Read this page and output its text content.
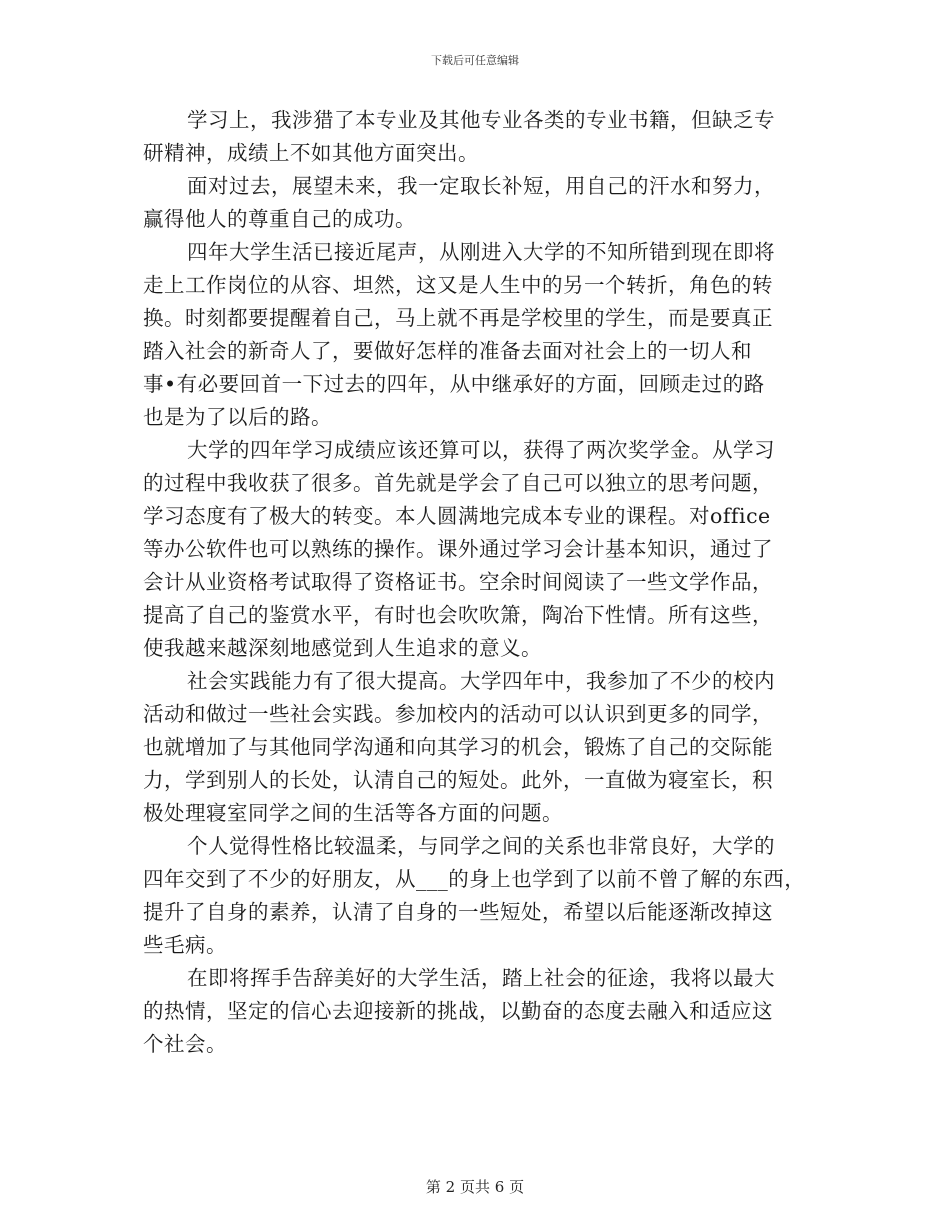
下载后可任意编辑
学习上，我涉猎了本专业及其他专业各类的专业书籍，但缺乏专
研精神，成绩上不如其他方面突出。
面对过去，展望未来，我一定取长补短，用自己的汗水和努力，
赢得他人的尊重自己的成功。
四年大学生活已接近尾声，从刚进入大学的不知所错到现在即将
走上工作岗位的从容、坦然，这又是人生中的另一个转折，角色的转
换。时刻都要提醒着自己，马上就不再是学校里的学生，而是要真正
踏入社会的新奇人了，要做好怎样的准备去面对社会上的一切人和
事•有必要回首一下过去的四年，从中继承好的方面，回顾走过的路
也是为了以后的路。
大学的四年学习成绩应该还算可以，获得了两次奖学金。从学习
的过程中我收获了很多。首先就是学会了自己可以独立的思考问题，
学习态度有了极大的转变。本人圆满地完成本专业的课程。对office
等办公软件也可以熟练的操作。课外通过学习会计基本知识，通过了
会计从业资格考试取得了资格证书。空余时间阅读了一些文学作品，
提高了自己的鉴赏水平，有时也会吹吹箫，陶冶下性情。所有这些，
使我越来越深刻地感觉到人生追求的意义。
社会实践能力有了很大提高。大学四年中，我参加了不少的校内
活动和做过一些社会实践。参加校内的活动可以认识到更多的同学，
也就增加了与其他同学沟通和向其学习的机会，锻炼了自己的交际能
力，学到别人的长处，认清自己的短处。此外，一直做为寝室长，积
极处理寝室同学之间的生活等各方面的问题。
个人觉得性格比较温柔，与同学之间的关系也非常良好，大学的
四年交到了不少的好朋友，从___的身上也学到了以前不曾了解的东西，
提升了自身的素养，认清了自身的一些短处，希望以后能逐渐改掉这
些毛病。
在即将挥手告辞美好的大学生活，踏上社会的征途，我将以最大
的热情，坚定的信心去迎接新的挑战，以勤奋的态度去融入和适应这
个社会。
第 2 页共 6 页
